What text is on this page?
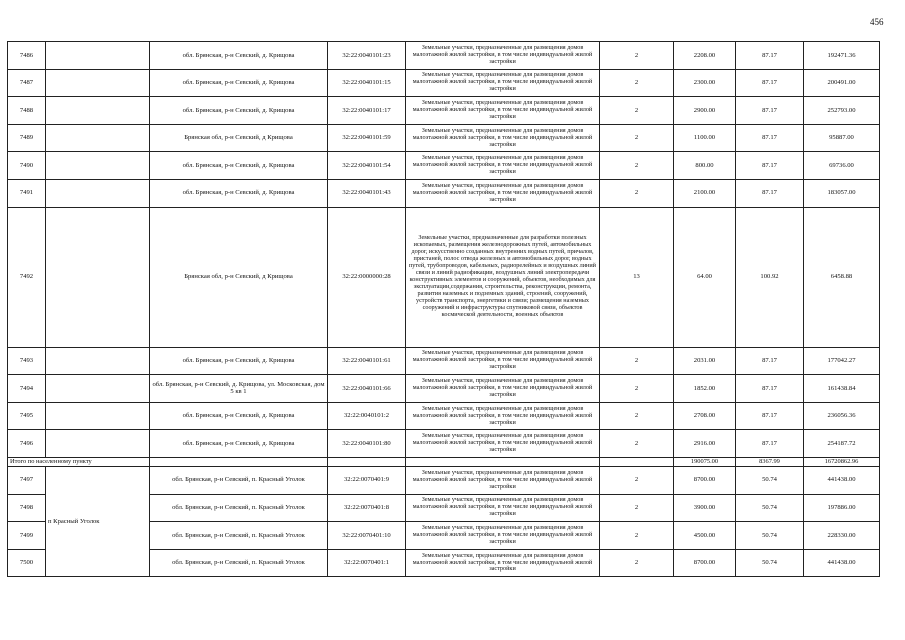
456
7486		обл. Брянская, р-н Севский, д. Крищова	32:22:0040101:23	Земельные участки, предназначенные для размещения домов малоэтажной жилой застройки, в том числе индивидуальной жилой застройки	2	2208.00	87.17	192471.36
7487		обл. Брянская, р-н Севский, д. Крищова	32:22:0040101:15	Земельные участки, предназначенные для размещения домов малоэтажной жилой застройки, в том числе индивидуальной жилой застройки	2	2300.00	87.17	200491.00
7488		обл. Брянская, р-н Севский, д. Крищова	32:22:0040101:17	Земельные участки, предназначенные для размещения домов малоэтажной жилой застройки, в том числе индивидуальной жилой застройки	2	2900.00	87.17	252793.00
7489		Брянская обл, р-н Севский, д Крищова	32:22:0040101:59	Земельные участки, предназначенные для размещения домов малоэтажной жилой застройки, в том числе индивидуальной жилой застройки	2	1100.00	87.17	95887.00
7490		обл. Брянская, р-н Севский, д. Крищова	32:22:0040101:54	Земельные участки, предназначенные для размещения домов малоэтажной жилой застройки, в том числе индивидуальной жилой застройки	2	800.00	87.17	69736.00
7491		обл. Брянская, р-н Севский, д. Крищова	32:22:0040101:43	Земельные участки, предназначенные для размещения домов малоэтажной жилой застройки, в том числе индивидуальной жилой застройки	2	2100.00	87.17	183057.00
7492		Брянская обл, р-н Севский, д Крищова	32:22:0000000:28	Земельные участки, предназначенные для разработки полезных ископаемых, размещения железнодорожных путей, автомобильных дорог, искусственно созданных внутренних водных путей, причалов, пристаней, полос отвода железных и автомобильных дорог, водных путей, трубопроводов, кабельных, радиорелейных и воздушных линий связи и линий радиофикации, воздушных линий электропередачи конструктивных элементов и сооружений, объектов, необходимых для эксплуатации,содержания, строительства, реконструкции, ремонта, развития наземных и подземных зданий, строений, сооружений, устройств транспорта, энергетики и связи; размещения наземных сооружений и инфраструктуры спутниковой связи, объектов космической деятельности, военных объектов	13	64.00	100.92	6458.88
7493		обл. Брянская, р-н Севский, д. Крищова	32:22:0040101:61	Земельные участки, предназначенные для размещения домов малоэтажной жилой застройки, в том числе индивидуальной жилой застройки	2	2031.00	87.17	177042.27
7494		обл. Брянская, р-н Севский, д. Крищова, ул. Московская, дом 5 кв 1	32:22:0040101:66	Земельные участки, предназначенные для размещения домов малоэтажной жилой застройки, в том числе индивидуальной жилой застройки	2	1852.00	87.17	161438.84
7495		обл. Брянская, р-н Севский, д. Крищова	32:22:0040101:2	Земельные участки, предназначенные для размещения домов малоэтажной жилой застройки, в том числе индивидуальной жилой застройки	2	2708.00	87.17	236056.36
7496		обл. Брянская, р-н Севский, д. Крищова	32:22:0040101:80	Земельные участки, предназначенные для размещения домов малоэтажной жилой застройки, в том числе индивидуальной жилой застройки	2	2916.00	87.17	254187.72
Итого по населенному пункту						190075.00	8367.99	16720862.96
7497	п Красный Уголок	обл. Брянская, р-н Севский, п. Красный Уголок	32:22:0070401:9	Земельные участки, предназначенные для размещения домов малоэтажной жилой застройки, в том числе индивидуальной жилой застройки	2	8700.00	50.74	441438.00
7498		обл. Брянская, р-н Севский, п. Красный Уголок	32:22:0070401:8	Земельные участки, предназначенные для размещения домов малоэтажной жилой застройки, в том числе индивидуальной жилой застройки	2	3900.00	50.74	197886.00
7499		обл. Брянская, р-н Севский, п. Красный Уголок	32:22:0070401:10	Земельные участки, предназначенные для размещения домов малоэтажной жилой застройки, в том числе индивидуальной жилой застройки	2	4500.00	50.74	228330.00
7500		обл. Брянская, р-н Севский, п. Красный Уголок	32:22:0070401:1	Земельные участки, предназначенные для размещения домов малоэтажной жилой застройки, в том числе индивидуальной жилой застройки	2	8700.00	50.74	441438.00
